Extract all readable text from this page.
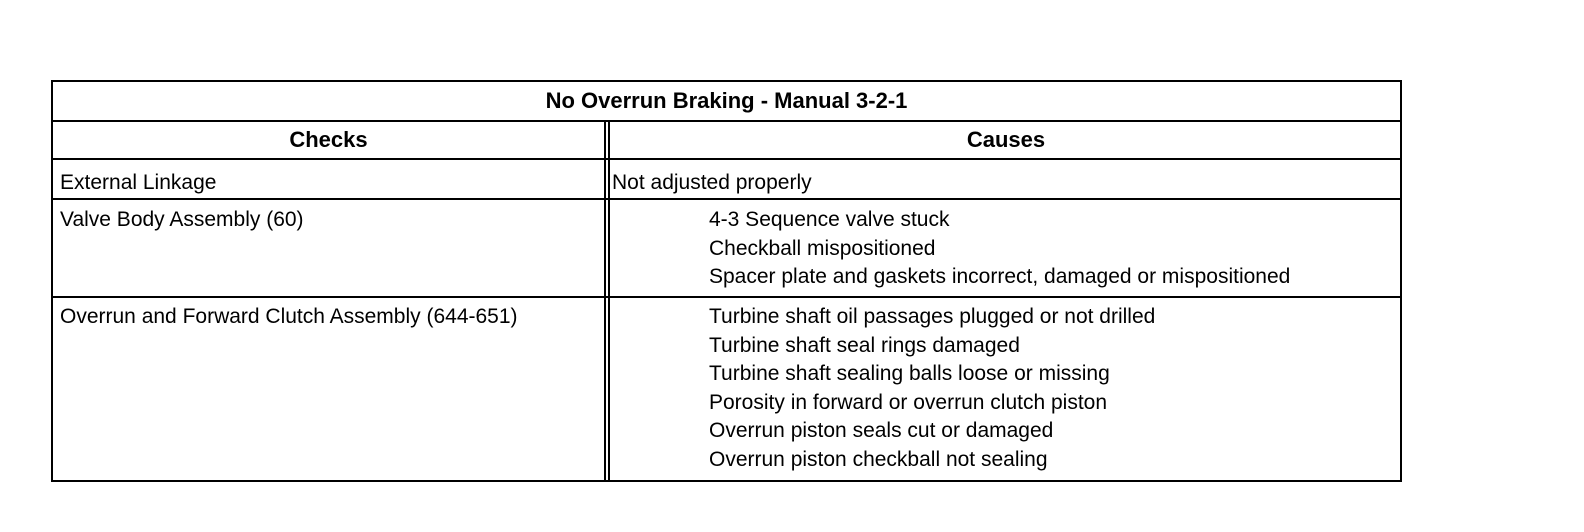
No Overrun Braking - Manual 3-2-1
Checks	Causes
External Linkage	Not adjusted properly
Valve Body Assembly (60)	4-3 Sequence valve stuck
Checkball mispositioned
Spacer plate and gaskets incorrect, damaged or mispositioned
Overrun and Forward Clutch Assembly (644-651)	Turbine shaft oil passages plugged or not drilled
Turbine shaft seal rings damaged
Turbine shaft sealing balls loose or missing
Porosity in forward or overrun clutch piston
Overrun piston seals cut or damaged
Overrun piston checkball not sealing
